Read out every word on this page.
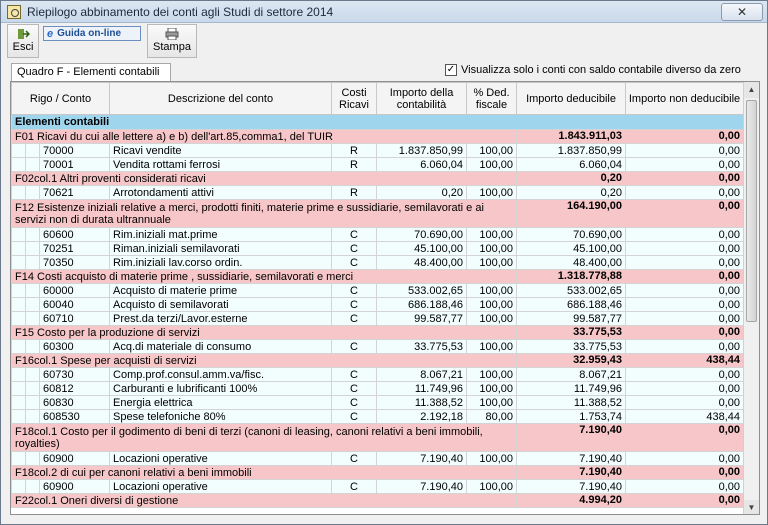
Riepilogo abbinamento dei conti agli Studi di settore 2014	✕
Esci
e Guida on-line
Stampa
Quadro F - Elementi contabili	✓ Visualizza solo i conti con saldo contabile diverso da zero
Rigo / Conto			Descrizione del conto	Costi Ricavi	Importo della contabilità	% Ded. fiscale	Importo deducibile	Importo non deducibile
Elementi contabili								
F01 Ricavi du cui alle lettere a) e b) dell'art.85,comma1, del TUIR							1.843.911,03	0,00
		70000	Ricavi vendite	R	1.837.850,99	100,00	1.837.850,99	0,00
		70001	Vendita rottami ferrosi	R	6.060,04	100,00	6.060,04	0,00
F02col.1 Altri proventi considerati ricavi							0,20	0,00
		70621	Arrotondamenti attivi	R	0,20	100,00	0,20	0,00
F12 Esistenze iniziali relative a merci, prodotti finiti, materie prime e sussidiarie, semilavorati e ai servizi non di durata ultrannuale							164.190,00	0,00
		60600	Rim.iniziali mat.prime	C	70.690,00	100,00	70.690,00	0,00
		70251	Riman.iniziali semilavorati	C	45.100,00	100,00	45.100,00	0,00
		70350	Rim.iniziali lav.corso ordin.	C	48.400,00	100,00	48.400,00	0,00
F14 Costi acquisto di materie prime , sussidiarie, semilavorati e merci							1.318.778,88	0,00
		60000	Acquisto di materie prime	C	533.002,65	100,00	533.002,65	0,00
		60040	Acquisto di semilavorati	C	686.188,46	100,00	686.188,46	0,00
		60710	Prest.da terzi/Lavor.esterne	C	99.587,77	100,00	99.587,77	0,00
F15 Costo per la produzione di servizi							33.775,53	0,00
		60300	Acq.di materiale di consumo	C	33.775,53	100,00	33.775,53	0,00
F16col.1 Spese per acquisti di servizi							32.959,43	438,44
		60730	Comp.prof.consul.amm.va/fisc.	C	8.067,21	100,00	8.067,21	0,00
		60812	Carburanti e lubrificanti 100%	C	11.749,96	100,00	11.749,96	0,00
		60830	Energia elettrica	C	11.388,52	100,00	11.388,52	0,00
		608530	Spese telefoniche 80%	C	2.192,18	80,00	1.753,74	438,44
F18col.1 Costo per il godimento di beni di terzi (canoni di leasing, canoni relativi a beni immobili, royalties)							7.190,40	0,00
		60900	Locazioni operative	C	7.190,40	100,00	7.190,40	0,00
F18col.2 di cui per canoni relativi a beni immobili							7.190,40	0,00
		60900	Locazioni operative	C	7.190,40	100,00	7.190,40	0,00
F22col.1 Oneri diversi di gestione							4.994,20	0,00
▲
▼
